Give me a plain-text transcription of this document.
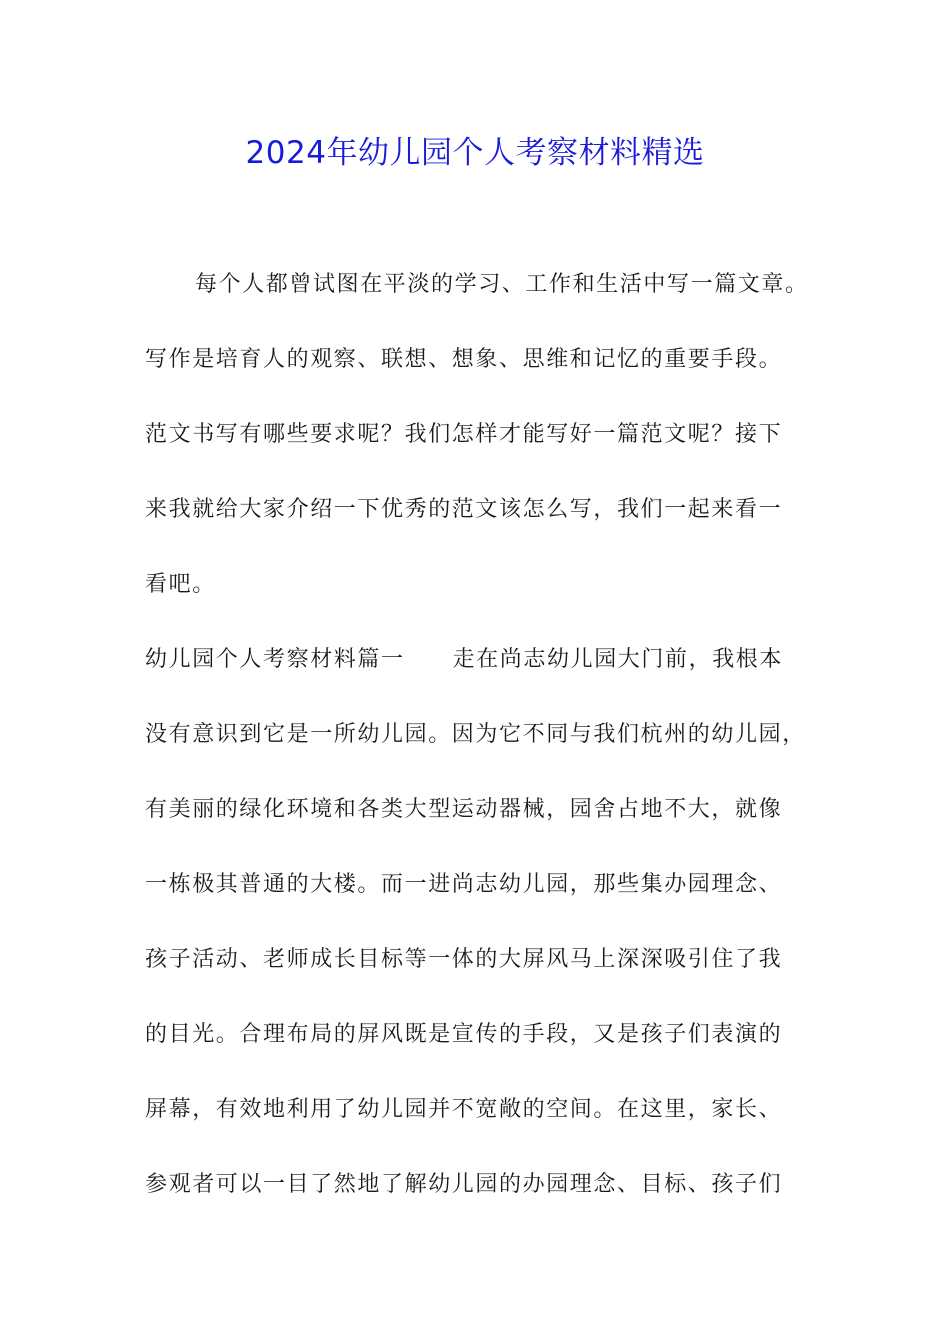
2024年幼儿园个人考察材料精选
每个人都曾试图在平淡的学习、工作和生活中写一篇文章。
写作是培育人的观察、联想、想象、思维和记忆的重要手段。
范文书写有哪些要求呢？我们怎样才能写好一篇范文呢？接下
来我就给大家介绍一下优秀的范文该怎么写，我们一起来看一
看吧。
幼儿园个人考察材料篇一 走在尚志幼儿园大门前，我根本
没有意识到它是一所幼儿园。因为它不同与我们杭州的幼儿园，
有美丽的绿化环境和各类大型运动器械，园舍占地不大，就像
一栋极其普通的大楼。而一进尚志幼儿园，那些集办园理念、
孩子活动、老师成长目标等一体的大屏风马上深深吸引住了我
的目光。合理布局的屏风既是宣传的手段，又是孩子们表演的
屏幕，有效地利用了幼儿园并不宽敞的空间。在这里，家长、
参观者可以一目了然地了解幼儿园的办园理念、目标、孩子们
